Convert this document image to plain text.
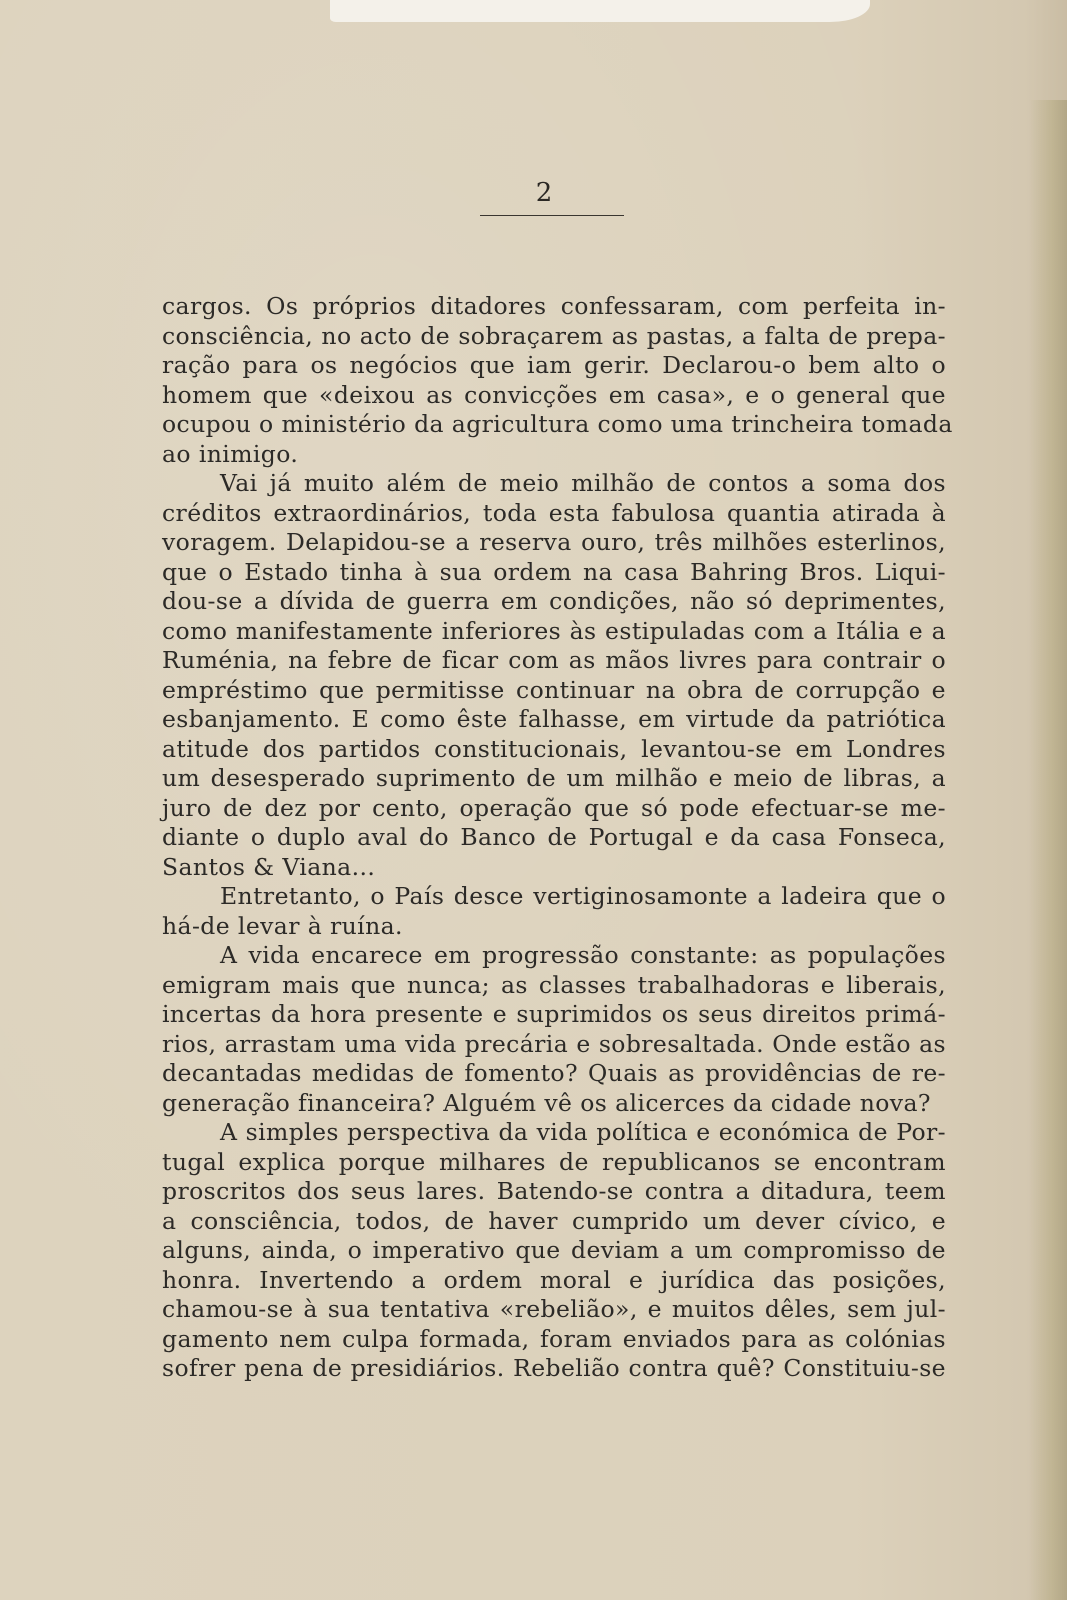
2
cargos. Os próprios ditadores confessaram, com perfeita in-
consciência, no acto de sobraçarem as pastas, a falta de prepa-
ração para os negócios que iam gerir. Declarou-o bem alto o
homem que «deixou as convicções em casa», e o general que
ocupou o ministério da agricultura como uma trincheira tomada
ao inimigo.
Vai já muito além de meio milhão de contos a soma dos
créditos extraordinários, toda esta fabulosa quantia atirada à
voragem. Delapidou-se a reserva ouro, três milhões esterlinos,
que o Estado tinha à sua ordem na casa Bahring Bros. Liqui-
dou-se a dívida de guerra em condições, não só deprimentes,
como manifestamente inferiores às estipuladas com a Itália e a
Ruménia, na febre de ficar com as mãos livres para contrair o
empréstimo que permitisse continuar na obra de corrupção e
esbanjamento. E como êste falhasse, em virtude da patriótica
atitude dos partidos constitucionais, levantou-se em Londres
um desesperado suprimento de um milhão e meio de libras, a
juro de dez por cento, operação que só pode efectuar-se me-
diante o duplo aval do Banco de Portugal e da casa Fonseca,
Santos & Viana...
Entretanto, o País desce vertiginosamonte a ladeira que o
há-de levar à ruína.
A vida encarece em progressão constante: as populações
emigram mais que nunca; as classes trabalhadoras e liberais,
incertas da hora presente e suprimidos os seus direitos primá-
rios, arrastam uma vida precária e sobresaltada. Onde estão as
decantadas medidas de fomento? Quais as providências de re-
generação financeira? Alguém vê os alicerces da cidade nova?
A simples perspectiva da vida política e económica de Por-
tugal explica porque milhares de republicanos se encontram
proscritos dos seus lares. Batendo-se contra a ditadura, teem
a consciência, todos, de haver cumprido um dever cívico, e
alguns, ainda, o imperativo que deviam a um compromisso de
honra. Invertendo a ordem moral e jurídica das posições,
chamou-se à sua tentativa «rebelião», e muitos dêles, sem jul-
gamento nem culpa formada, foram enviados para as colónias
sofrer pena de presidiários. Rebelião contra quê? Constituiu-se
